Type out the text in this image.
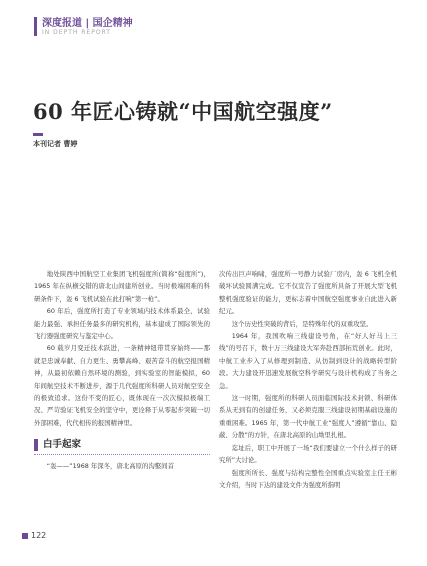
深度报道 | 国企精神
IN DEPTH REPORT
60 年匠心铸就“中国航空强度”
本刊记者 曹婷

地处陕西中国航空工业集团飞机强度所(简称“强度所”)，1965 年在纵横交错的唐北山间建所创业。当时极端困难的科研条件下，轰 6 飞机试验在此打响“第一枪”。

60 年后，强度所打造了专业领域内技术体系最全、试验能力最强、承担任务最多的研究机构，基本建成了国际领先的飞行器强度研究与鉴定中心。

60 载岁月变迁技术跃进，一条精神纽带贯穿始终——那就是忠诚奉献、自力更生、勇攀高峰、艰苦奋斗的航空报国精神，从最初依赖自然环境的测验，到实验室的智能模拟，60 年间航空技术不断进步，源于几代强度所科研人员对航空安全的极致追求。这份不变的匠心，既体现在一次次模拟极端工况、严苛验证飞机安全的坚守中，更诠释于从零起步突破一切外部困难，代代相传的报国精神里。

白手起家

“轰——”1968 年深冬，唐北高原的沟壑间首

次传出巨声响啸，强度所一号静力试验厂房内，轰 6 飞机全机破坏试验圆满完成。它不仅宣告了强度所具备了开展大型飞机整机强度验证的能力，更标志着中国航空强度事业自此进入新纪元。

这个历史性突破的背后，是特殊年代的双重攻坚。

1964 年，我国吹响三线建设号角，在“好人好马上三线”的号召下，数十万三线建设大军奔赴西部拓荒创业。此时，中航工业步入了从修理到制造、从仿制到设计的战略转型阶段。大力建设开迅速发展航空科学研究与设计机构成了当务之急。

这一时期，强度所的科研人员面临国际技术封锁、科研体系从无到有的创建任务，又必须克服三线建设初期基础设施的重重困难。1965 年，第一代中航工业“强度人”遵循“靠山、隐蔽、分散”的方针，在唐北高原的山坳里扎根。

迄址后，职工中开展了一场“我们要建立一个什么样子的研究所”大讨论。

强度所所长、强度与结构完整性全国重点实验室主任王彬文介绍，当时下达的建设文件为强度所指明

122
